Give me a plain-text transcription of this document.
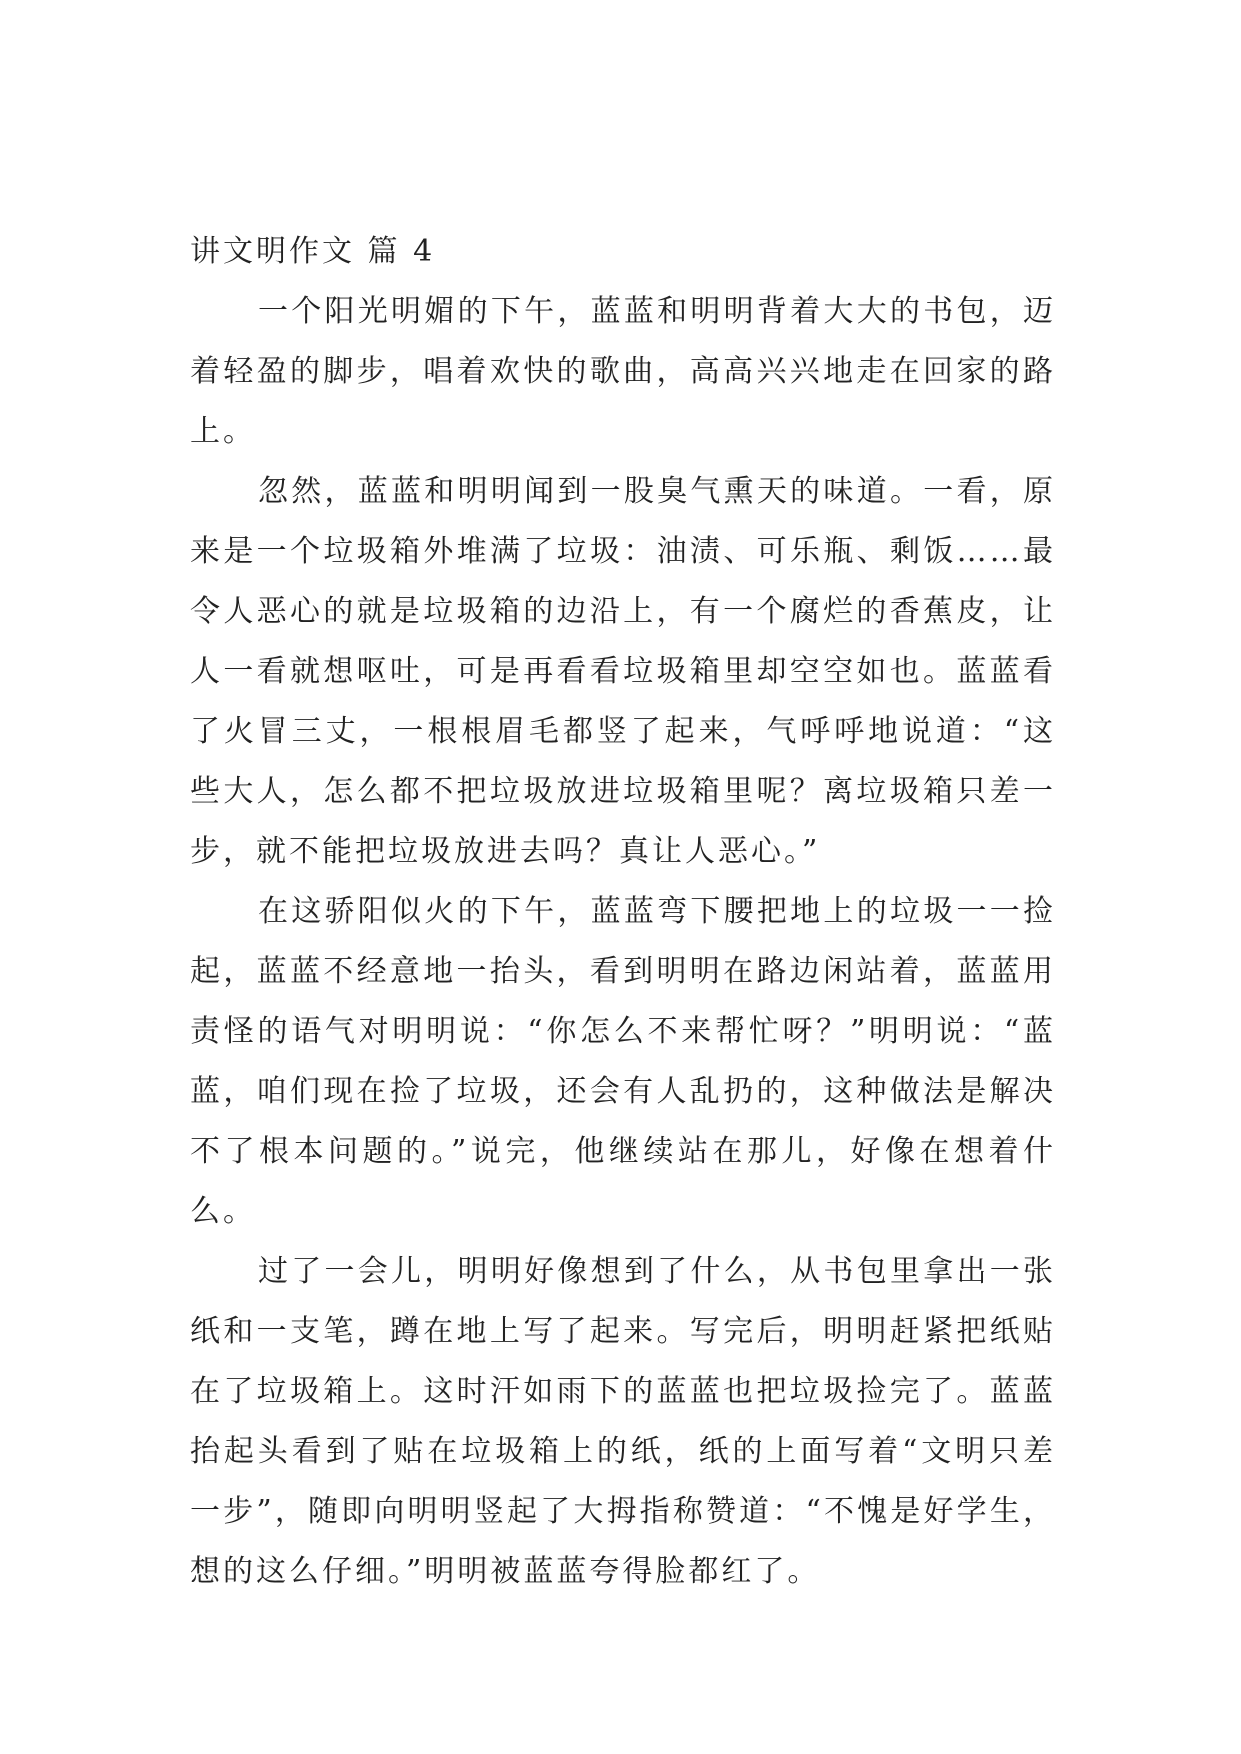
讲文明作文 篇 4

一个阳光明媚的下午，蓝蓝和明明背着大大的书包，迈着轻盈的脚步，唱着欢快的歌曲，高高兴兴地走在回家的路上。

忽然，蓝蓝和明明闻到一股臭气熏天的味道。一看，原来是一个垃圾箱外堆满了垃圾：油渍、可乐瓶、剩饭……最令人恶心的就是垃圾箱的边沿上，有一个腐烂的香蕉皮，让人一看就想呕吐，可是再看看垃圾箱里却空空如也。蓝蓝看了火冒三丈，一根根眉毛都竖了起来，气呼呼地说道：“这些大人，怎么都不把垃圾放进垃圾箱里呢？离垃圾箱只差一步，就不能把垃圾放进去吗？真让人恶心。”

在这骄阳似火的下午，蓝蓝弯下腰把地上的垃圾一一捡起，蓝蓝不经意地一抬头，看到明明在路边闲站着，蓝蓝用责怪的语气对明明说：“你怎么不来帮忙呀？”明明说：“蓝蓝，咱们现在捡了垃圾，还会有人乱扔的，这种做法是解决不了根本问题的。”说完，他继续站在那儿，好像在想着什么。

过了一会儿，明明好像想到了什么，从书包里拿出一张纸和一支笔，蹲在地上写了起来。写完后，明明赶紧把纸贴在了垃圾箱上。这时汗如雨下的蓝蓝也把垃圾捡完了。蓝蓝抬起头看到了贴在垃圾箱上的纸，纸的上面写着“文明只差一步”，随即向明明竖起了大拇指称赞道：“不愧是好学生，想的这么仔细。”明明被蓝蓝夸得脸都红了。
